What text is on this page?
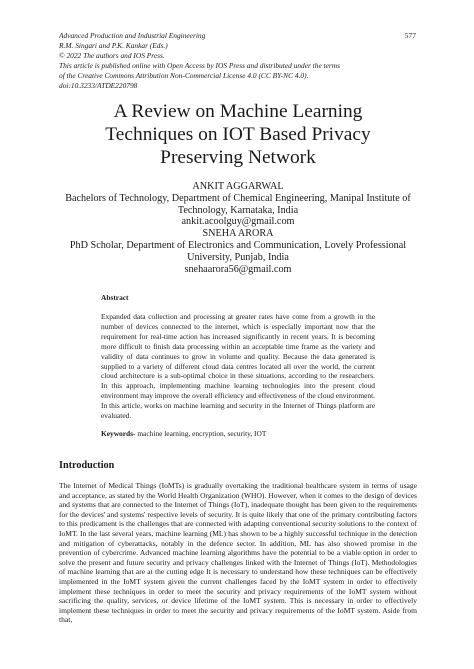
Advanced Production and Industrial Engineering
R.M. Singari and P.K. Kankar (Eds.)
© 2022 The authors and IOS Press.
This article is published online with Open Access by IOS Press and distributed under the terms
of the Creative Commons Attribution Non-Commercial License 4.0 (CC BY-NC 4.0).
doi:10.3233/ATDE220798
577
A Review on Machine Learning
Techniques on IOT Based Privacy
Preserving Network
ANKIT AGGARWAL
Bachelors of Technology, Department of Chemical Engineering, Manipal Institute of
Technology, Karnataka, India
ankit.acoolguy@gmail.com
SNEHA ARORA
PhD Scholar, Department of Electronics and Communication, Lovely Professional
University, Punjab, India
snehaarora56@gmail.com
Abstract
Expanded data collection and processing at greater rates have come from a growth in the number of devices connected to the internet, which is especially important now that the requirement for real-time action has increased significantly in recent years. It is becoming more difficult to finish data processing within an acceptable time frame as the variety and validity of data continues to grow in volume and quality. Because the data generated is supplied to a variety of different cloud data centres located all over the world, the current cloud architecture is a sub-optimal choice in these situations, according to the researchers. In this approach, implementing machine learning technologies into the present cloud environment may improve the overall efficiency and effectiveness of the cloud environment. In this article, works on machine learning and security in the Internet of Things platform are evaluated.
Keywords- machine learning, encryption, security, IOT
Introduction
The Internet of Medical Things (IoMTs) is gradually overtaking the traditional healthcare system in terms of usage and acceptance, as stated by the World Health Organization (WHO). However, when it comes to the design of devices and systems that are connected to the Internet of Things (IoT), inadequate thought has been given to the requirements for the devices' and systems' respective levels of security. It is quite likely that one of the primary contributing factors to this predicament is the challenges that are connected with adapting conventional security solutions to the context of IoMT. In the last several years, machine learning (ML) has shown to be a highly successful technique in the detection and mitigation of cyberattacks, notably in the defence sector. In addition, ML has also showed promise in the prevention of cybercrime. Advanced machine learning algorithms have the potential to be a viable option in order to solve the present and future security and privacy challenges linked with the Internet of Things (IoT). Methodologies of machine learning that are at the cutting edge It is necessary to understand how these techniques can be effectively implemented in the IoMT system given the current challenges faced by the IoMT system in order to effectively implement these techniques in order to meet the security and privacy requirements of the IoMT system without sacrificing the quality, services, or device lifetime of the IoMT system. This is necessary in order to effectively implement these techniques in order to meet the security and privacy requirements of the IoMT system. Aside from that,
